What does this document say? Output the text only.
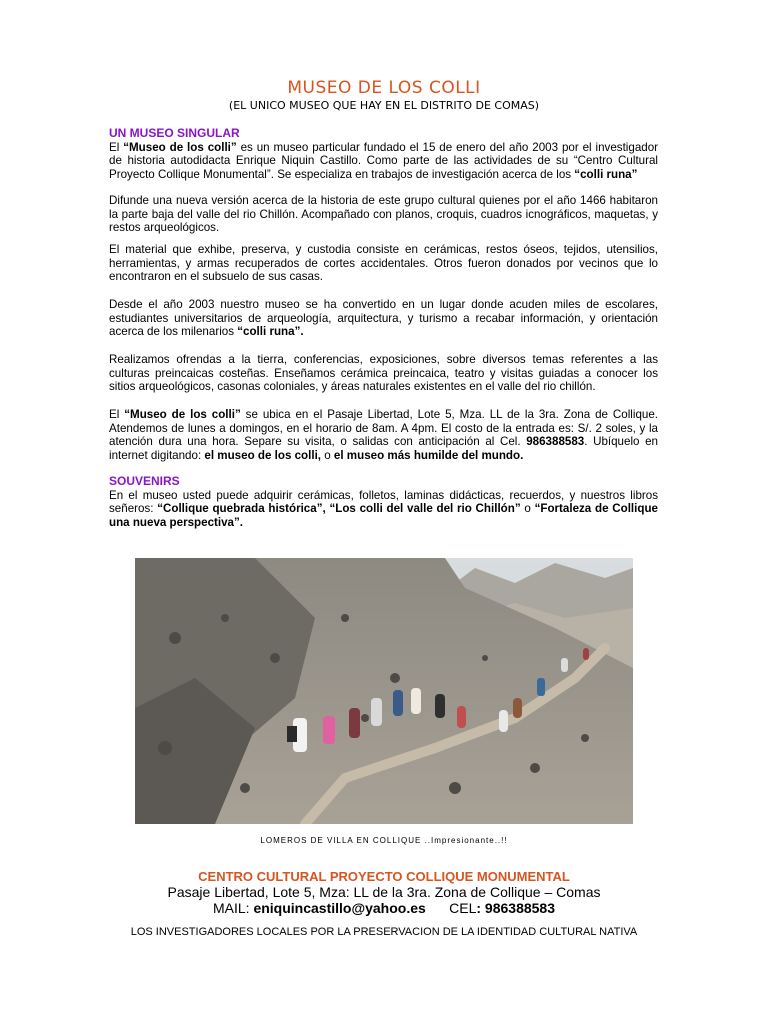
MUSEO DE LOS COLLI
(EL UNICO MUSEO QUE HAY EN EL DISTRITO DE COMAS)
UN MUSEO SINGULAR

El “Museo de los colli” es un museo particular fundado el 15 de enero del año 2003 por el investigador de historia autodidacta Enrique Niquin Castillo. Como parte de las actividades de su “Centro Cultural Proyecto Collique Monumental”. Se especializa en trabajos de investigación acerca de los “colli runa”

Difunde una nueva versión acerca de la historia de este grupo cultural quienes por el año 1466 habitaron la parte baja del valle del rio Chillón. Acompañado con planos, croquis, cuadros icnográficos, maquetas, y restos arqueológicos.
El material que exhibe, preserva, y custodia consiste en cerámicas, restos óseos, tejidos, utensilios, herramientas, y armas recuperados de cortes accidentales. Otros fueron donados por vecinos que lo encontraron en el subsuelo de sus casas.

Desde el año 2003 nuestro museo se ha convertido en un lugar donde acuden miles de escolares, estudiantes universitarios de arqueología, arquitectura, y turismo a recabar información, y orientación acerca de los milenarios “colli runa”.

Realizamos ofrendas a la tierra, conferencias, exposiciones, sobre diversos temas referentes a las culturas preincaicas costeñas. Enseñamos cerámica preincaica, teatro y visitas guiadas a conocer los sitios arqueológicos, casonas coloniales, y áreas naturales existentes en el valle del rio chillón.

El “Museo de los colli” se ubica en el Pasaje Libertad, Lote 5, Mza. LL de la 3ra. Zona de Collique. Atendemos de lunes a domingos, en el horario de 8am. A 4pm. El costo de la entrada es: S/. 2 soles, y la atención dura una hora. Separe su visita, o salidas con anticipación al Cel. 986388583. Ubíquelo en internet digitando: el museo de los colli, o el museo más humilde del mundo.

SOUVENIRS

En el museo usted puede adquirir cerámicas, folletos, laminas didácticas, recuerdos, y nuestros libros señeros: “Collique quebrada histórica”, “Los colli del valle del rio Chillón” o “Fortaleza de Collique una nueva perspectiva”.

LOMEROS DE VILLA EN COLLIQUE ..Impresionante..!!
CENTRO CULTURAL PROYECTO COLLIQUE MONUMENTAL
Pasaje Libertad, Lote 5, Mza: LL de la 3ra. Zona de Collique – Comas
MAIL: eniquincastillo@yahoo.es      CEL: 986388583
LOS INVESTIGADORES LOCALES POR LA PRESERVACION DE LA IDENTIDAD CULTURAL NATIVA
